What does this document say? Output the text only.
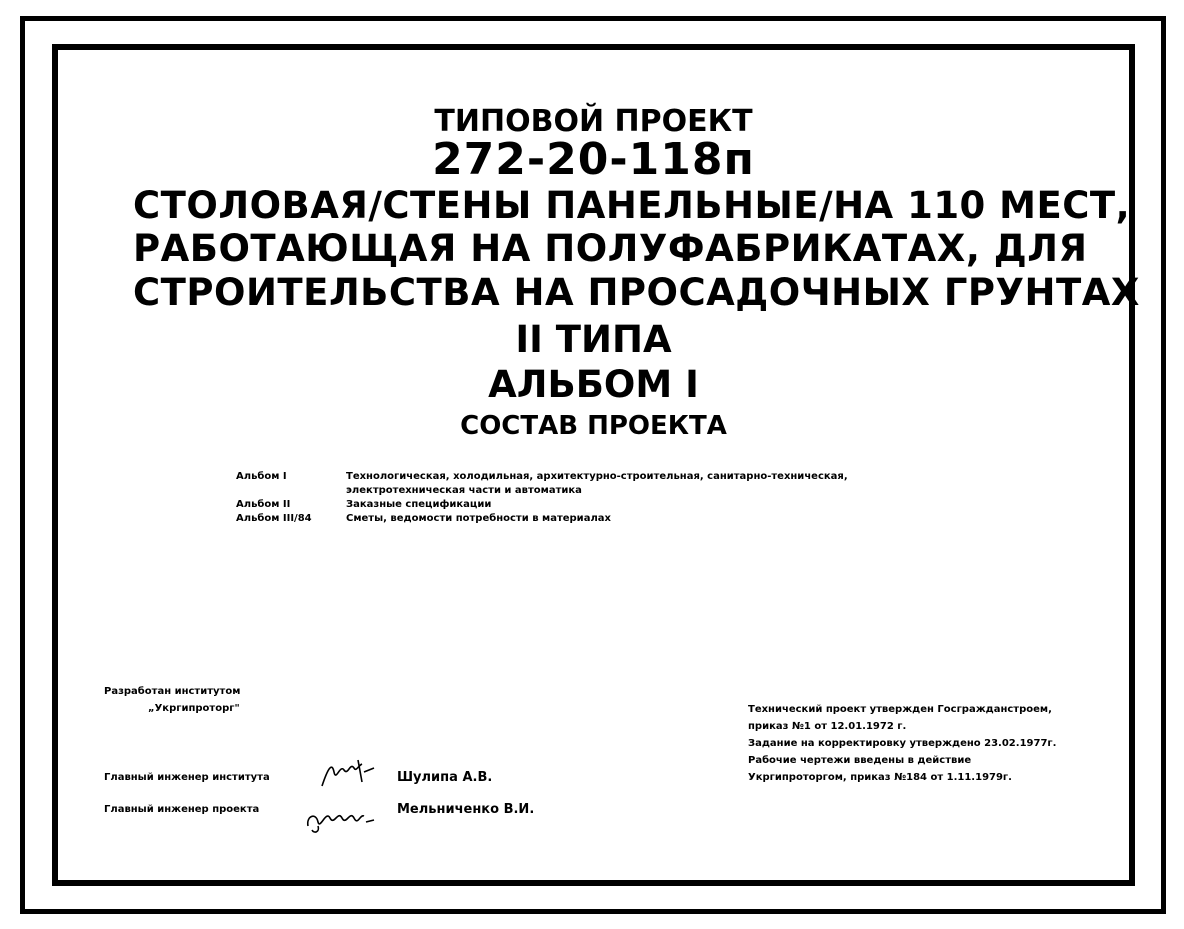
ТИПОВОЙ ПРОЕКТ
272-20-118п
СТОЛОВАЯ/СТЕНЫ ПАНЕЛЬНЫЕ/НА 110 МЕСТ,
РАБОТАЮЩАЯ НА ПОЛУФАБРИКАТАХ, ДЛЯ
СТРОИТЕЛЬСТВА НА ПРОСАДОЧНЫХ ГРУНТАХ
II ТИПА
АЛЬБОМ I
СОСТАВ ПРОЕКТА
Альбом I	Технологическая, холодильная, архитектурно-строительная, санитарно-техническая,
электротехническая части и автоматика
Альбом II	Заказные спецификации
Альбом III/84	Сметы, ведомости потребности в материалах
Разработан институтом
„Укргипроторг"
Главный инженер института	Шулипа А.В.
Главный инженер проекта	Мельниченко В.И.
Технический проект утвержден Госгражданстроем,
приказ №1 от 12.01.1972 г.
Задание на корректировку утверждено 23.02.1977г.
Рабочие чертежи введены в действие
Укргипроторгом, приказ №184 от 1.11.1979г.
